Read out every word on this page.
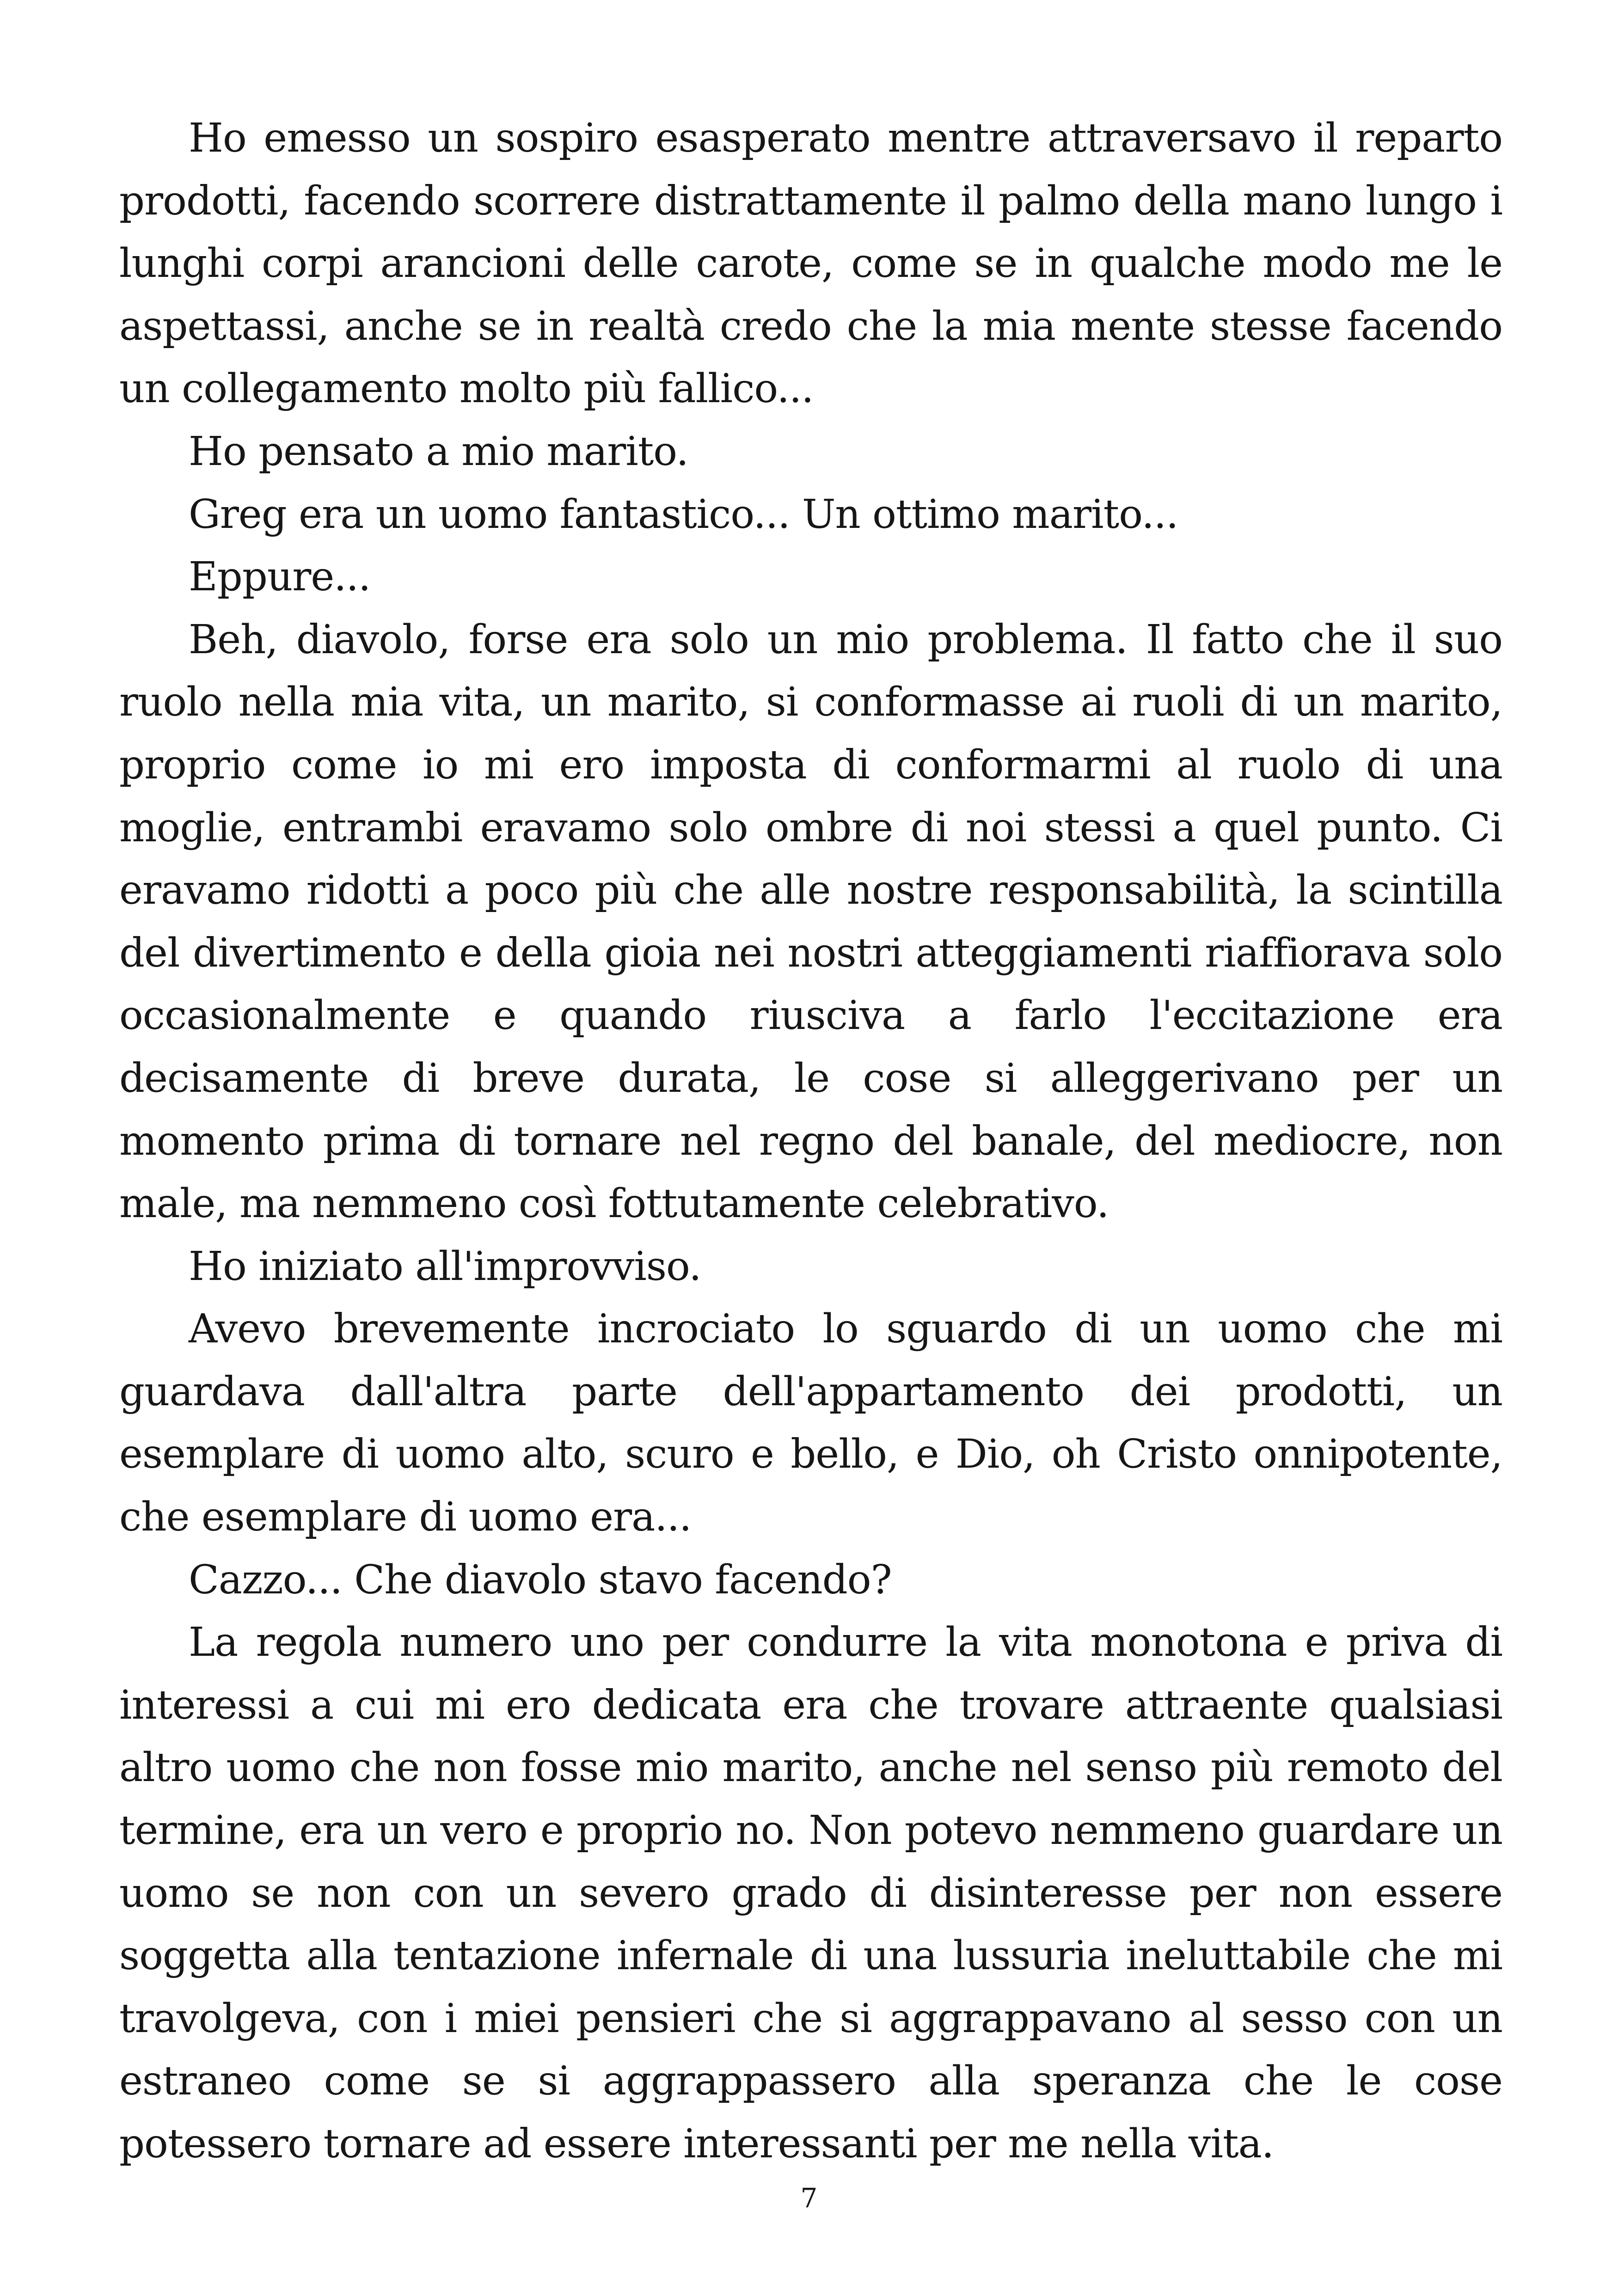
Ho emesso un sospiro esasperato mentre attraversavo il reparto prodotti, facendo scorrere distrattamente il palmo della mano lungo i lunghi corpi arancioni delle carote, come se in qualche modo me le aspettassi, anche se in realtà credo che la mia mente stesse facendo un collegamento molto più fallico...

Ho pensato a mio marito.

Greg era un uomo fantastico... Un ottimo marito...

Eppure...

Beh, diavolo, forse era solo un mio problema. Il fatto che il suo ruolo nella mia vita, un marito, si conformasse ai ruoli di un marito, proprio come io mi ero imposta di conformarmi al ruolo di una moglie, entrambi eravamo solo ombre di noi stessi a quel punto. Ci eravamo ridotti a poco più che alle nostre responsabilità, la scintilla del divertimento e della gioia nei nostri atteggiamenti riaffiorava solo occasionalmente e quando riusciva a farlo l'eccitazione era decisamente di breve durata, le cose si alleggerivano per un momento prima di tornare nel regno del banale, del mediocre, non male, ma nemmeno così fottutamente celebrativo.

Ho iniziato all'improvviso.

Avevo brevemente incrociato lo sguardo di un uomo che mi guardava dall'altra parte dell'appartamento dei prodotti, un esemplare di uomo alto, scuro e bello, e Dio, oh Cristo onnipotente, che esemplare di uomo era...

Cazzo... Che diavolo stavo facendo?

La regola numero uno per condurre la vita monotona e priva di interessi a cui mi ero dedicata era che trovare attraente qualsiasi altro uomo che non fosse mio marito, anche nel senso più remoto del termine, era un vero e proprio no. Non potevo nemmeno guardare un uomo se non con un severo grado di disinteresse per non essere soggetta alla tentazione infernale di una lussuria ineluttabile che mi travolgeva, con i miei pensieri che si aggrappavano al sesso con un estraneo come se si aggrappassero alla speranza che le cose potessero tornare ad essere interessanti per me nella vita.

7
